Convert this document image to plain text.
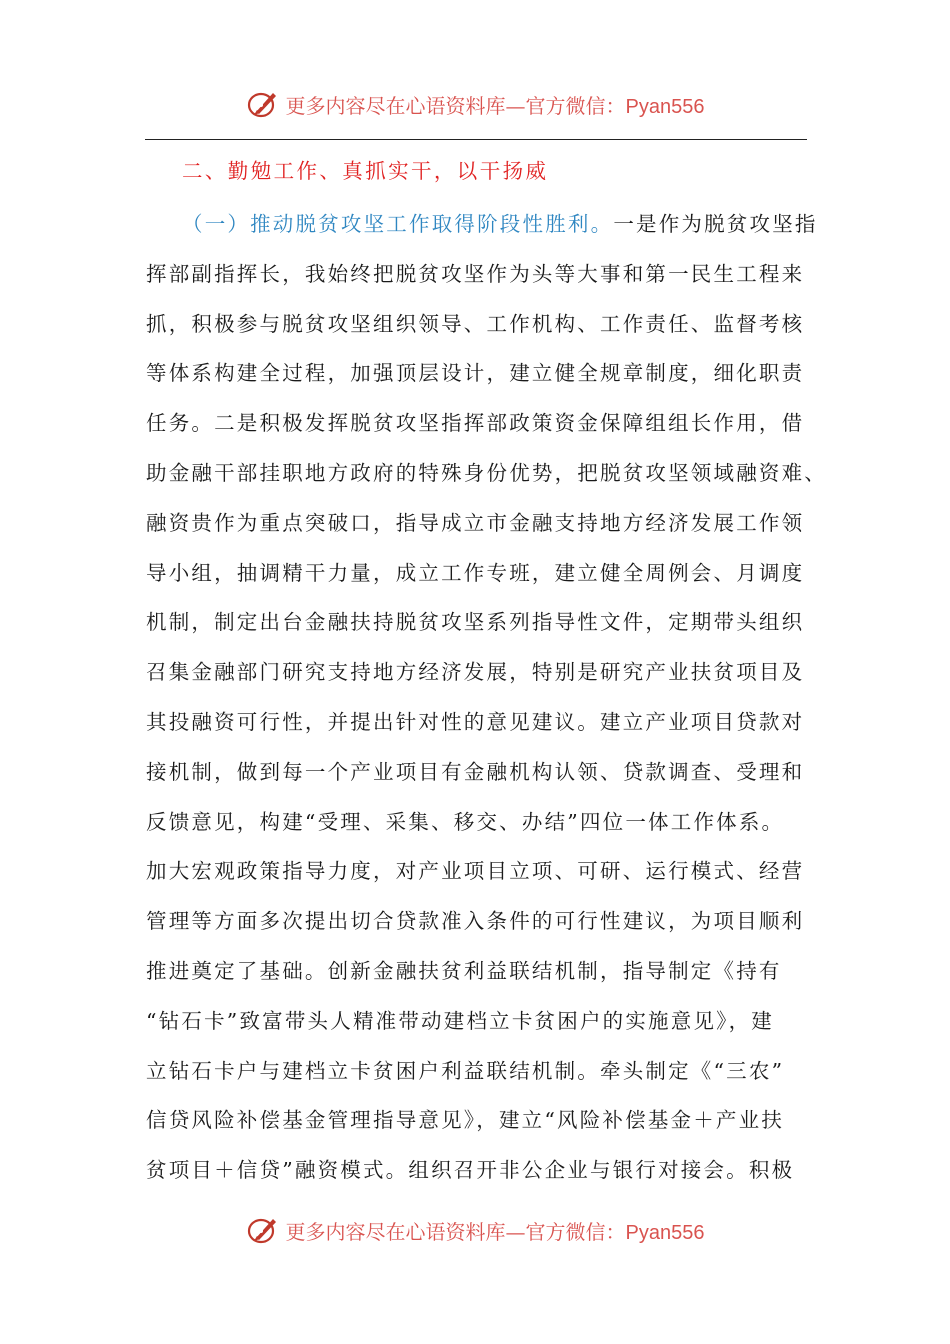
更多内容尽在心语资料库—官方微信：Pyan556
二、勤勉工作、真抓实干，以干扬威
（一）推动脱贫攻坚工作取得阶段性胜利。一是作为脱贫攻坚指
挥部副指挥长，我始终把脱贫攻坚作为头等大事和第一民生工程来
抓，积极参与脱贫攻坚组织领导、工作机构、工作责任、监督考核
等体系构建全过程，加强顶层设计，建立健全规章制度，细化职责
任务。二是积极发挥脱贫攻坚指挥部政策资金保障组组长作用，借
助金融干部挂职地方政府的特殊身份优势，把脱贫攻坚领域融资难、
融资贵作为重点突破口，指导成立市金融支持地方经济发展工作领
导小组，抽调精干力量，成立工作专班，建立健全周例会、月调度
机制，制定出台金融扶持脱贫攻坚系列指导性文件，定期带头组织
召集金融部门研究支持地方经济发展，特别是研究产业扶贫项目及
其投融资可行性，并提出针对性的意见建议。建立产业项目贷款对
接机制，做到每一个产业项目有金融机构认领、贷款调查、受理和
反馈意见，构建“受理、采集、移交、办结”四位一体工作体系。
加大宏观政策指导力度，对产业项目立项、可研、运行模式、经营
管理等方面多次提出切合贷款准入条件的可行性建议，为项目顺利
推进奠定了基础。创新金融扶贫利益联结机制，指导制定《持有
“钻石卡”致富带头人精准带动建档立卡贫困户的实施意见》，建
立钻石卡户与建档立卡贫困户利益联结机制。牵头制定《“三农”
信贷风险补偿基金管理指导意见》，建立“风险补偿基金＋产业扶
贫项目＋信贷”融资模式。组织召开非公企业与银行对接会。积极
更多内容尽在心语资料库—官方微信：Pyan556
